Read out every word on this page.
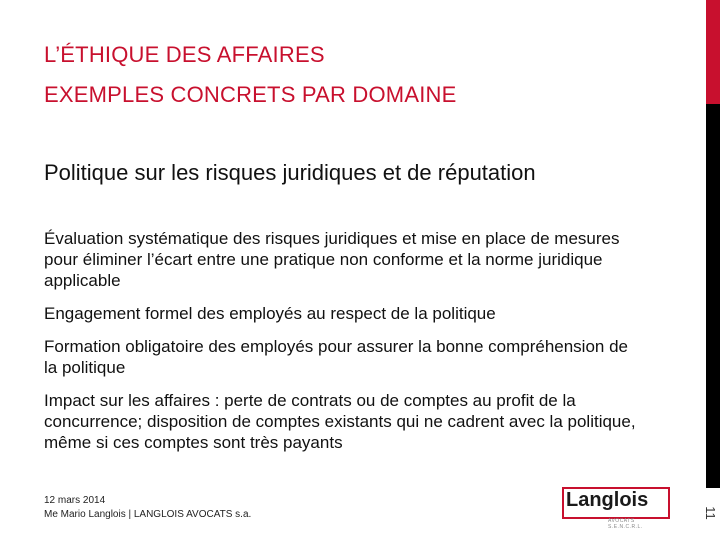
L’ÉTHIQUE DES AFFAIRES
EXEMPLES CONCRETS PAR DOMAINE
Politique sur les risques juridiques et de réputation
Évaluation systématique des risques juridiques et mise en place de mesures pour éliminer l’écart entre une pratique non conforme et la norme juridique applicable
Engagement formel des employés au respect de la politique
Formation obligatoire des employés pour assurer la bonne compréhension de la politique
Impact sur les affaires : perte de contrats ou de comptes au profit de la concurrence; disposition de comptes existants qui ne cadrent avec la politique, même si ces comptes sont très payants
12 mars 2014
Me Mario Langlois | LANGLOIS AVOCATS s.a.
Langlois
AVOCATS S.E.N.C.R.L.
11
